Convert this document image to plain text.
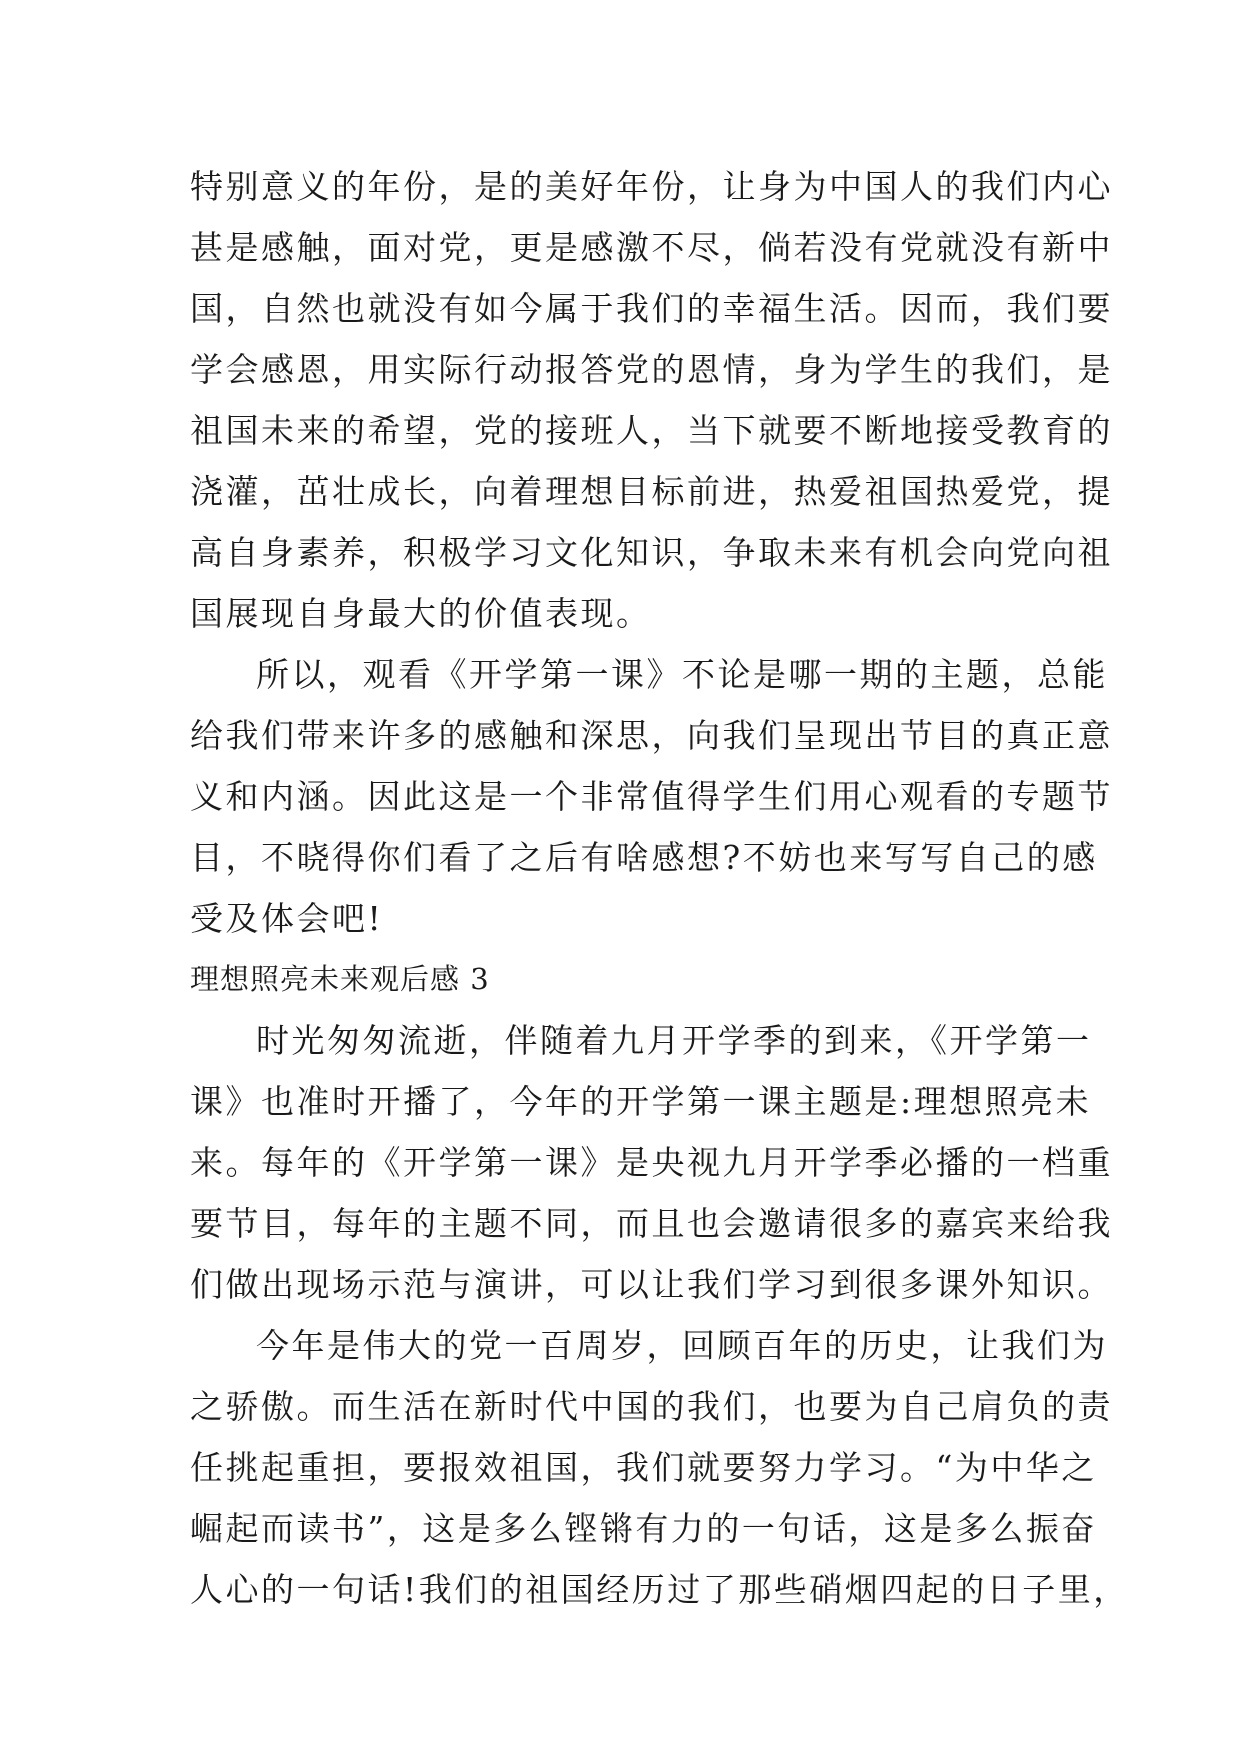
特别意义的年份，是的美好年份，让身为中国人的我们内心
甚是感触，面对党，更是感激不尽，倘若没有党就没有新中
国，自然也就没有如今属于我们的幸福生活。因而，我们要
学会感恩，用实际行动报答党的恩情，身为学生的我们，是
祖国未来的希望，党的接班人，当下就要不断地接受教育的
浇灌，茁壮成长，向着理想目标前进，热爱祖国热爱党，提
高自身素养，积极学习文化知识，争取未来有机会向党向祖
国展现自身最大的价值表现。
所以，观看《开学第一课》不论是哪一期的主题，总能
给我们带来许多的感触和深思，向我们呈现出节目的真正意
义和内涵。因此这是一个非常值得学生们用心观看的专题节
目，不晓得你们看了之后有啥感想?不妨也来写写自己的感
受及体会吧!
理想照亮未来观后感 3
时光匆匆流逝，伴随着九月开学季的到来，《开学第一
课》也准时开播了，今年的开学第一课主题是:理想照亮未
来。每年的《开学第一课》是央视九月开学季必播的一档重
要节目，每年的主题不同，而且也会邀请很多的嘉宾来给我
们做出现场示范与演讲，可以让我们学习到很多课外知识。
今年是伟大的党一百周岁，回顾百年的历史，让我们为
之骄傲。而生活在新时代中国的我们，也要为自己肩负的责
任挑起重担，要报效祖国，我们就要努力学习。“为中华之
崛起而读书”，这是多么铿锵有力的一句话，这是多么振奋
人心的一句话!我们的祖国经历过了那些硝烟四起的日子里，
